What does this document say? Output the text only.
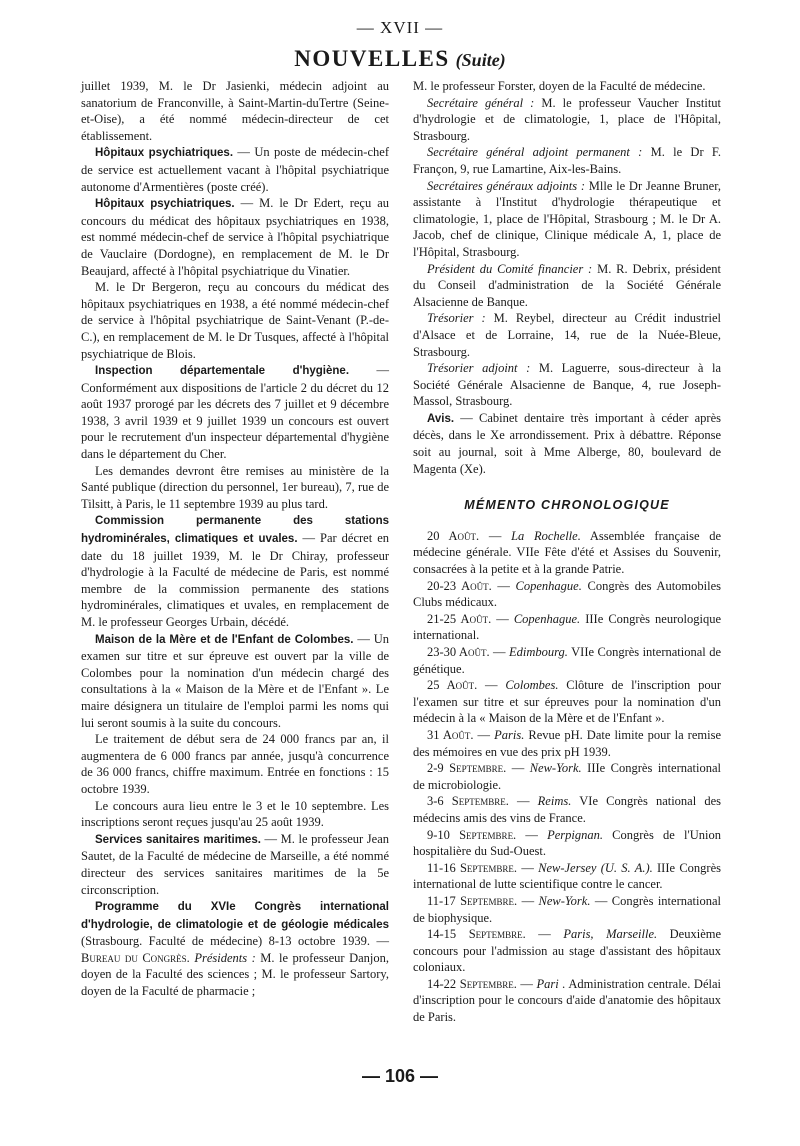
— XVII —
NOUVELLES (Suite)

juillet 1939, M. le Dr Jasienki, médecin adjoint au sanatorium de Franconville, à Saint-Martin-duTertre (Seine-et-Oise), a été nommé médecin-directeur de cet établissement.

Hôpitaux psychiatriques. — Un poste de médecin-chef de service est actuellement vacant à l'hôpital psychiatrique autonome d'Armentières (poste créé).

Hôpitaux psychiatriques. — M. le Dr Edert, reçu au concours du médicat des hôpitaux psychiatriques en 1938, est nommé médecin-chef de service à l'hôpital psychiatrique de Vauclaire (Dordogne), en remplacement de M. le Dr Beaujard, affecté à l'hôpital psychiatrique du Vinatier.

M. le Dr Bergeron, reçu au concours du médicat des hôpitaux psychiatriques en 1938, a été nommé médecin-chef de service à l'hôpital psychiatrique de Saint-Venant (P.-de-C.), en remplacement de M. le Dr Tusques, affecté à l'hôpital psychiatrique de Blois.

Inspection départementale d'hygiène. — Conformément aux dispositions de l'article 2 du décret du 12 août 1937 prorogé par les décrets des 7 juillet et 9 décembre 1938, 3 avril 1939 et 9 juillet 1939 un concours est ouvert pour le recrutement d'un inspecteur départemental d'hygiène dans le département du Cher.

Les demandes devront être remises au ministère de la Santé publique (direction du personnel, 1er bureau), 7, rue de Tilsitt, à Paris, le 11 septembre 1939 au plus tard.

Commission permanente des stations hydrominérales, climatiques et uvales. — Par décret en date du 18 juillet 1939, M. le Dr Chiray, professeur d'hydrologie à la Faculté de médecine de Paris, est nommé membre de la commission permanente des stations hydrominérales, climatiques et uvales, en remplacement de M. le professeur Georges Urbain, décédé.

Maison de la Mère et de l'Enfant de Colombes. — Un examen sur titre et sur épreuve est ouvert par la ville de Colombes pour la nomination d'un médecin chargé des consultations à la « Maison de la Mère et de l'Enfant ». Le maire désignera un titulaire de l'emploi parmi les noms qui lui seront soumis à la suite du concours.

Le traitement de début sera de 24 000 francs par an, il augmentera de 6 000 francs par année, jusqu'à concurrence de 36 000 francs, chiffre maximum. Entrée en fonctions : 15 octobre 1939.

Le concours aura lieu entre le 3 et le 10 septembre. Les inscriptions seront reçues jusqu'au 25 août 1939.

Services sanitaires maritimes. — M. le professeur Jean Sautet, de la Faculté de médecine de Marseille, a été nommé directeur des services sanitaires maritimes de la 5e circonscription.

Programme du XVIe Congrès international d'hydrologie, de climatologie et de géologie médicales (Strasbourg. Faculté de médecine) 8-13 octobre 1939. — Bureau du Congrès. Présidents : M. le professeur Danjon, doyen de la Faculté des sciences ; M. le professeur Sartory, doyen de la Faculté de pharmacie ;

M. le professeur Forster, doyen de la Faculté de médecine.

Secrétaire général : M. le professeur Vaucher Institut d'hydrologie et de climatologie, 1, place de l'Hôpital, Strasbourg.

Secrétaire général adjoint permanent : M. le Dr F. Françon, 9, rue Lamartine, Aix-les-Bains.

Secrétaires généraux adjoints : Mlle le Dr Jeanne Bruner, assistante à l'Institut d'hydrologie thérapeutique et climatologie, 1, place de l'Hôpital, Strasbourg ; M. le Dr A. Jacob, chef de clinique, Clinique médicale A, 1, place de l'Hôpital, Strasbourg.

Président du Comité financier : M. R. Debrix, président du Conseil d'administration de la Société Générale Alsacienne de Banque.

Trésorier : M. Reybel, directeur au Crédit industriel d'Alsace et de Lorraine, 14, rue de la Nuée-Bleue, Strasbourg.

Trésorier adjoint : M. Laguerre, sous-directeur à la Société Générale Alsacienne de Banque, 4, rue Joseph-Massol, Strasbourg.

Avis. — Cabinet dentaire très important à céder après décès, dans le Xe arrondissement. Prix à débattre. Réponse soit au journal, soit à Mme Alberge, 80, boulevard de Magenta (Xe).

MÉMENTO CHRONOLOGIQUE

20 Août. — La Rochelle. Assemblée française de médecine générale. VIIe Fête d'été et Assises du Souvenir, consacrées à la petite et à la grande Patrie.

20-23 Août. — Copenhague. Congrès des Automobiles Clubs médicaux.

21-25 Août. — Copenhague. IIIe Congrès neurologique international.

23-30 Août. — Edimbourg. VIIe Congrès international de génétique.

25 Août. — Colombes. Clôture de l'inscription pour l'examen sur titre et sur épreuves pour la nomination d'un médecin à la « Maison de la Mère et de l'Enfant ».

31 Août. — Paris. Revue pH. Date limite pour la remise des mémoires en vue des prix pH 1939.

2-9 Septembre. — New-York. IIIe Congrès international de microbiologie.

3-6 Septembre. — Reims. VIe Congrès national des médecins amis des vins de France.

9-10 Septembre. — Perpignan. Congrès de l'Union hospitalière du Sud-Ouest.

11-16 Septembre. — New-Jersey (U. S. A.). IIIe Congrès international de lutte scientifique contre le cancer.

11-17 Septembre. — New-York. — Congrès international de biophysique.

14-15 Septembre. — Paris, Marseille. Deuxième concours pour l'admission au stage d'assistant des hôpitaux coloniaux.

14-22 Septembre. — Pari . Administration centrale. Délai d'inscription pour le concours d'aide d'anatomie des hôpitaux de Paris.

— 106 —
